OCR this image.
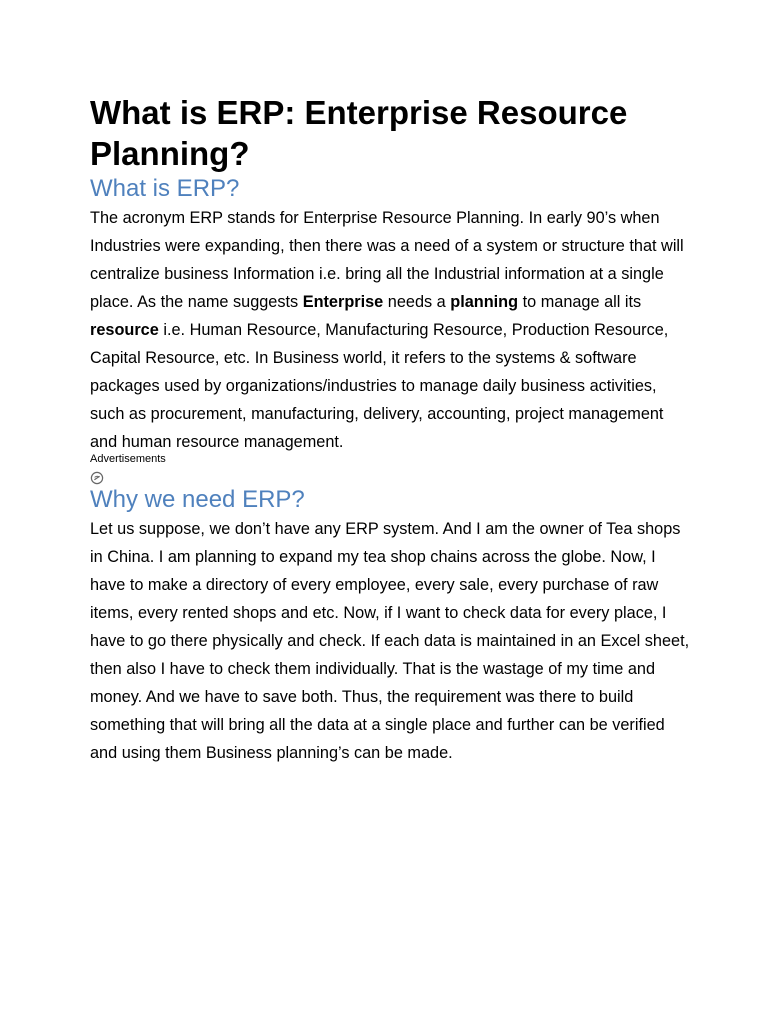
What is ERP: Enterprise Resource Planning?
What is ERP?

The acronym ERP stands for Enterprise Resource Planning. In early 90’s when Industries were expanding, then there was a need of a system or structure that will centralize business Information i.e. bring all the Industrial information at a single place. As the name suggests Enterprise needs a planning to manage all its resource i.e. Human Resource, Manufacturing Resource, Production Resource, Capital Resource, etc. In Business world, it refers to the systems & software packages used by organizations/industries to manage daily business activities, such as procurement, manufacturing, delivery, accounting, project management and human resource management.

Advertisements
Why we need ERP?

Let us suppose, we don’t have any ERP system. And I am the owner of Tea shops in China. I am planning to expand my tea shop chains across the globe. Now, I have to make a directory of every employee, every sale, every purchase of raw items, every rented shops and etc. Now, if I want to check data for every place, I have to go there physically and check. If each data is maintained in an Excel sheet, then also I have to check them individually. That is the wastage of my time and money. And we have to save both. Thus, the requirement was there to build something that will bring all the data at a single place and further can be verified and using them Business planning’s can be made.
